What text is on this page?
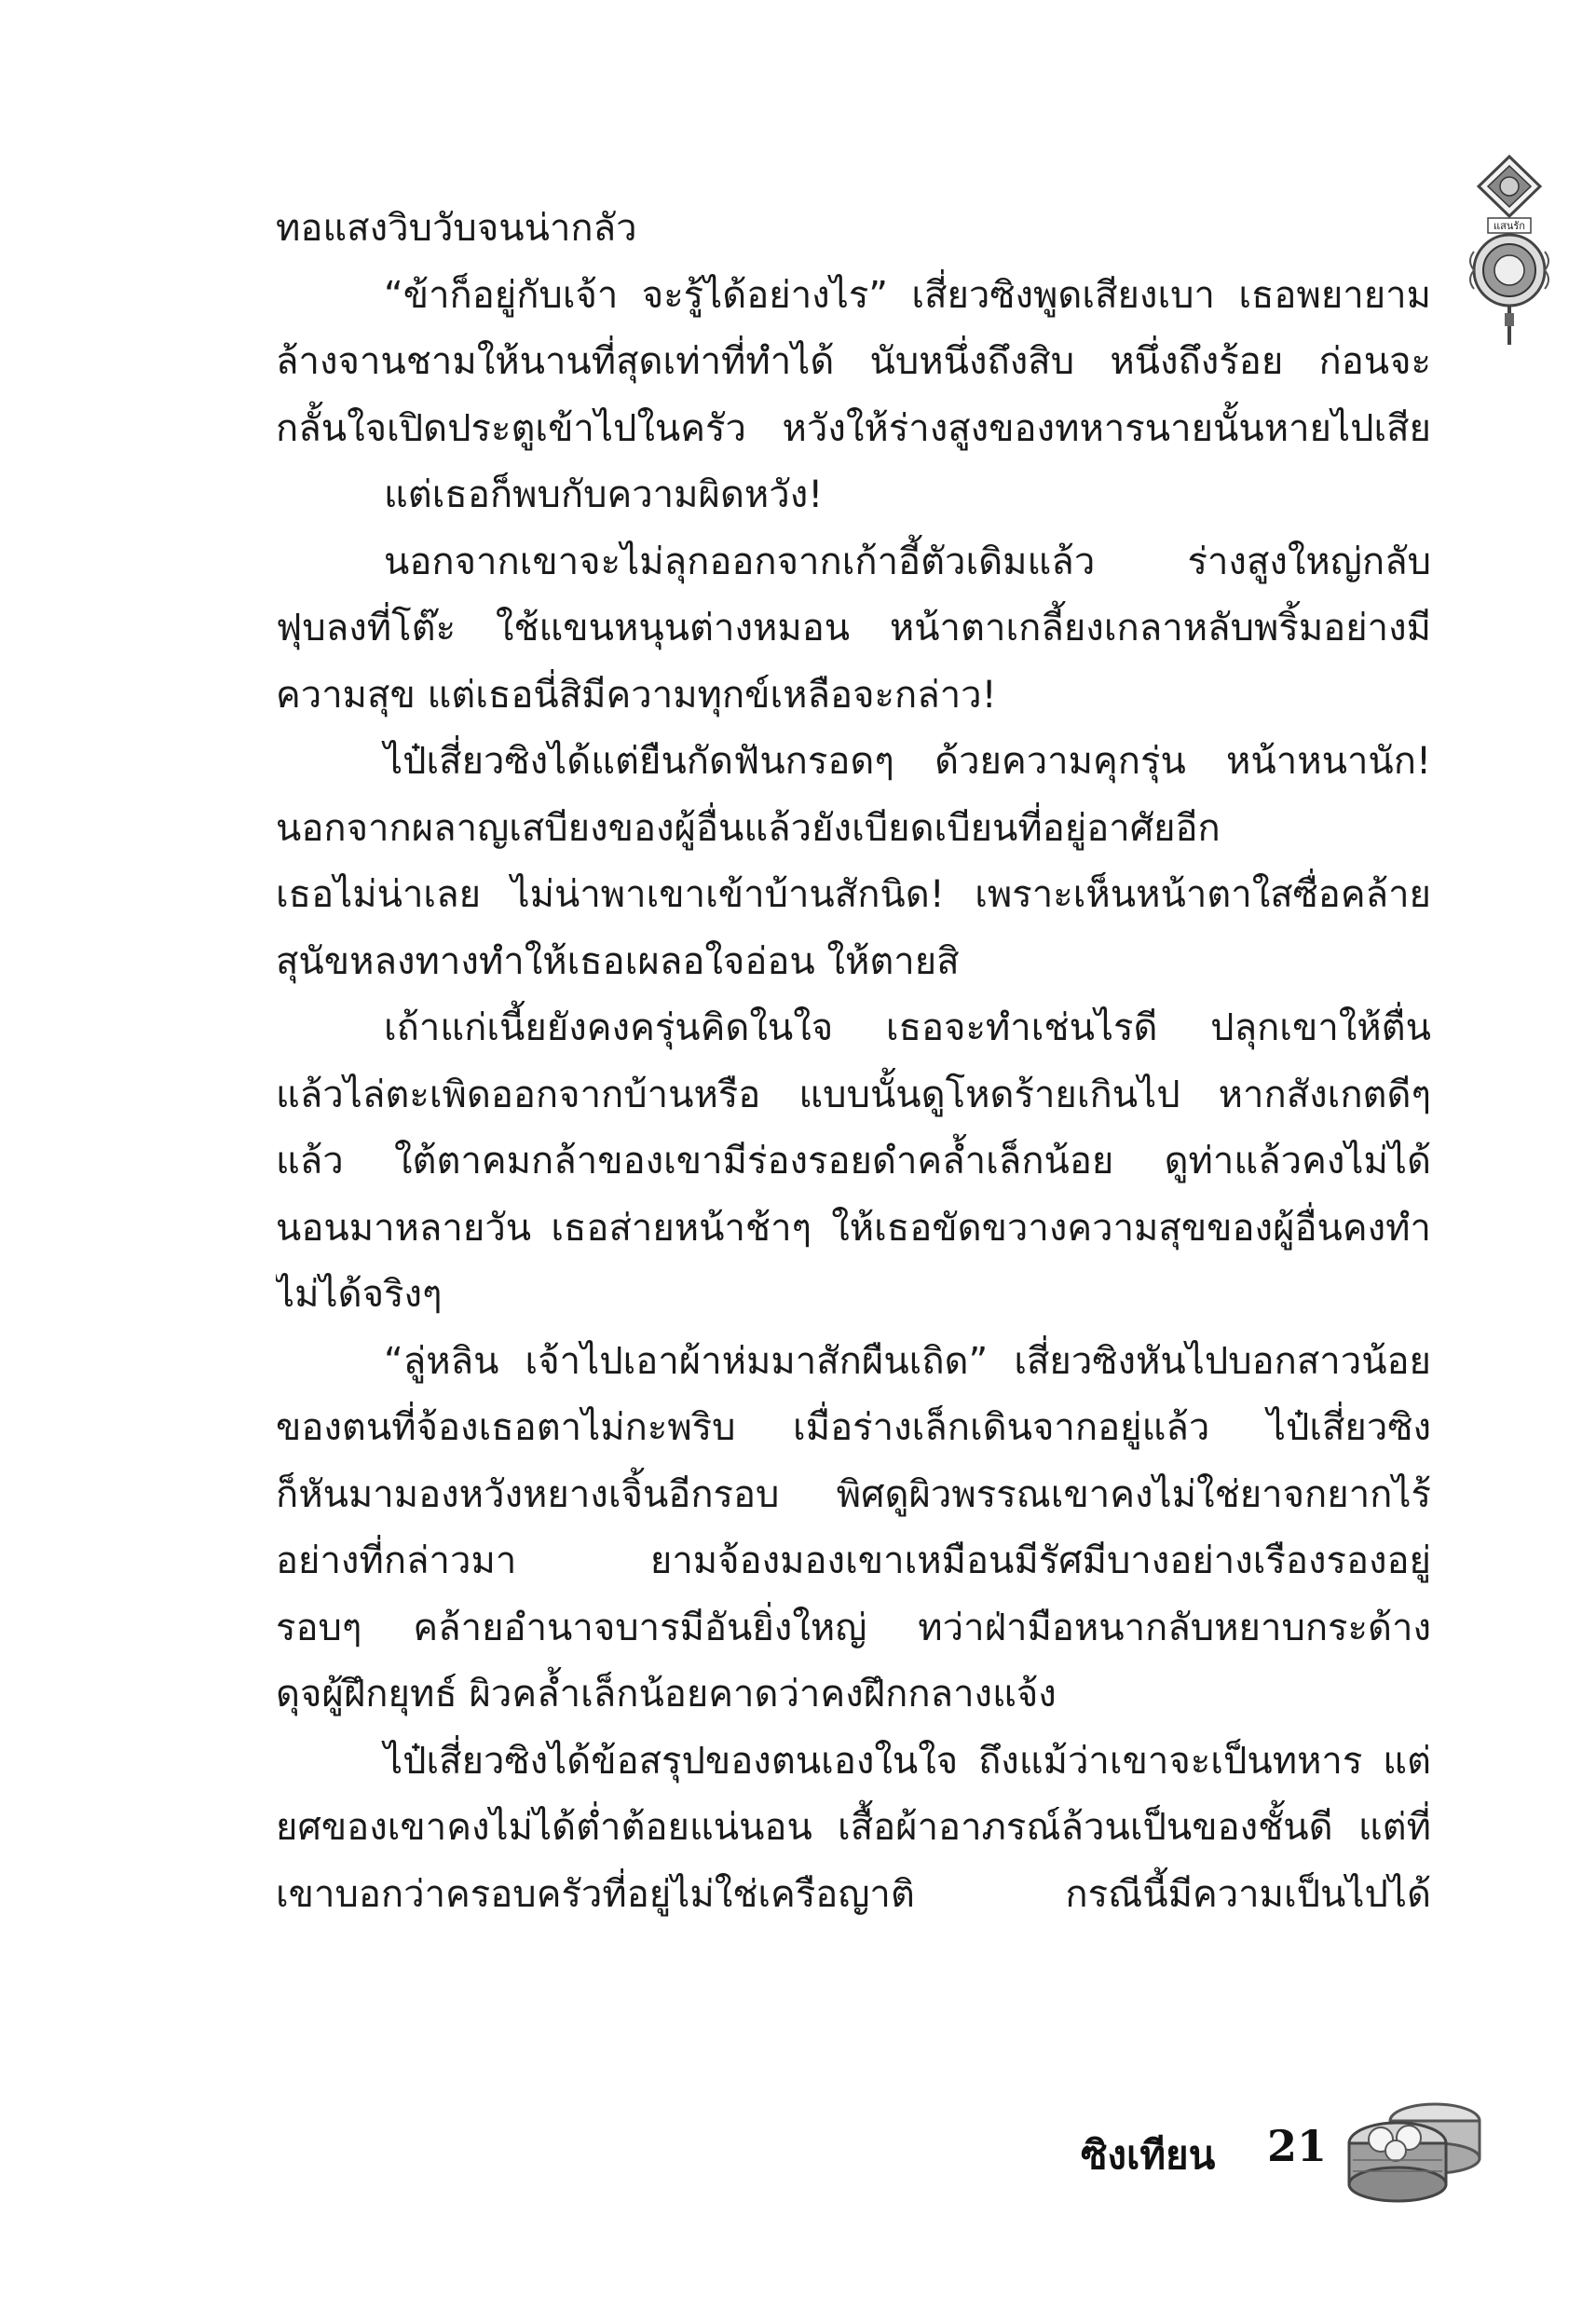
แสนรัก
ทอแสงวิบวับจนน่ากลัว
“ข้าก็อยู่กับเจ้า จะรู้ได้อย่างไร” เสี่ยวซิงพูดเสียงเบา เธอพยายาม
ล้างจานชามให้นานที่สุดเท่าที่ทำได้ นับหนึ่งถึงสิบ หนึ่งถึงร้อย ก่อนจะ
กลั้นใจเปิดประตูเข้าไปในครัว หวังให้ร่างสูงของทหารนายนั้นหายไปเสีย
แต่เธอก็พบกับความผิดหวัง!
นอกจากเขาจะไม่ลุกออกจากเก้าอี้ตัวเดิมแล้ว ร่างสูงใหญ่กลับ
ฟุบลงที่โต๊ะ ใช้แขนหนุนต่างหมอน หน้าตาเกลี้ยงเกลาหลับพริ้มอย่างมี
ความสุข แต่เธอนี่สิมีความทุกข์เหลือจะกล่าว!
ไป๋เสี่ยวซิงได้แต่ยืนกัดฟันกรอดๆ ด้วยความคุกรุ่น หน้าหนานัก!
นอกจากผลาญเสบียงของผู้อื่นแล้วยังเบียดเบียนที่อยู่อาศัยอีก
เธอไม่น่าเลย ไม่น่าพาเขาเข้าบ้านสักนิด! เพราะเห็นหน้าตาใสซื่อคล้าย
สุนัขหลงทางทำให้เธอเผลอใจอ่อน ให้ตายสิ
เถ้าแก่เนี้ยยังคงครุ่นคิดในใจ เธอจะทำเช่นไรดี ปลุกเขาให้ตื่น
แล้วไล่ตะเพิดออกจากบ้านหรือ แบบนั้นดูโหดร้ายเกินไป หากสังเกตดีๆ
แล้ว ใต้ตาคมกล้าของเขามีร่องรอยดำคล้ำเล็กน้อย ดูท่าแล้วคงไม่ได้
นอนมาหลายวัน เธอส่ายหน้าช้าๆ ให้เธอขัดขวางความสุขของผู้อื่นคงทำ
ไม่ได้จริงๆ
“ลู่หลิน เจ้าไปเอาผ้าห่มมาสักผืนเถิด” เสี่ยวซิงหันไปบอกสาวน้อย
ของตนที่จ้องเธอตาไม่กะพริบ เมื่อร่างเล็กเดินจากอยู่แล้ว ไป๋เสี่ยวซิง
ก็หันมามองหวังหยางเจิ้นอีกรอบ พิศดูผิวพรรณเขาคงไม่ใช่ยาจกยากไร้
อย่างที่กล่าวมา ยามจ้องมองเขาเหมือนมีรัศมีบางอย่างเรืองรองอยู่
รอบๆ คล้ายอำนาจบารมีอันยิ่งใหญ่ ทว่าฝ่ามือหนากลับหยาบกระด้าง
ดุจผู้ฝึกยุทธ์ ผิวคล้ำเล็กน้อยคาดว่าคงฝึกกลางแจ้ง
ไป๋เสี่ยวซิงได้ข้อสรุปของตนเองในใจ ถึงแม้ว่าเขาจะเป็นทหาร แต่
ยศของเขาคงไม่ได้ต่ำต้อยแน่นอน เสื้อผ้าอาภรณ์ล้วนเป็นของชั้นดี แต่ที่
เขาบอกว่าครอบครัวที่อยู่ไม่ใช่เครือญาติ กรณีนี้มีความเป็นไปได้
ซิงเทียน 21
